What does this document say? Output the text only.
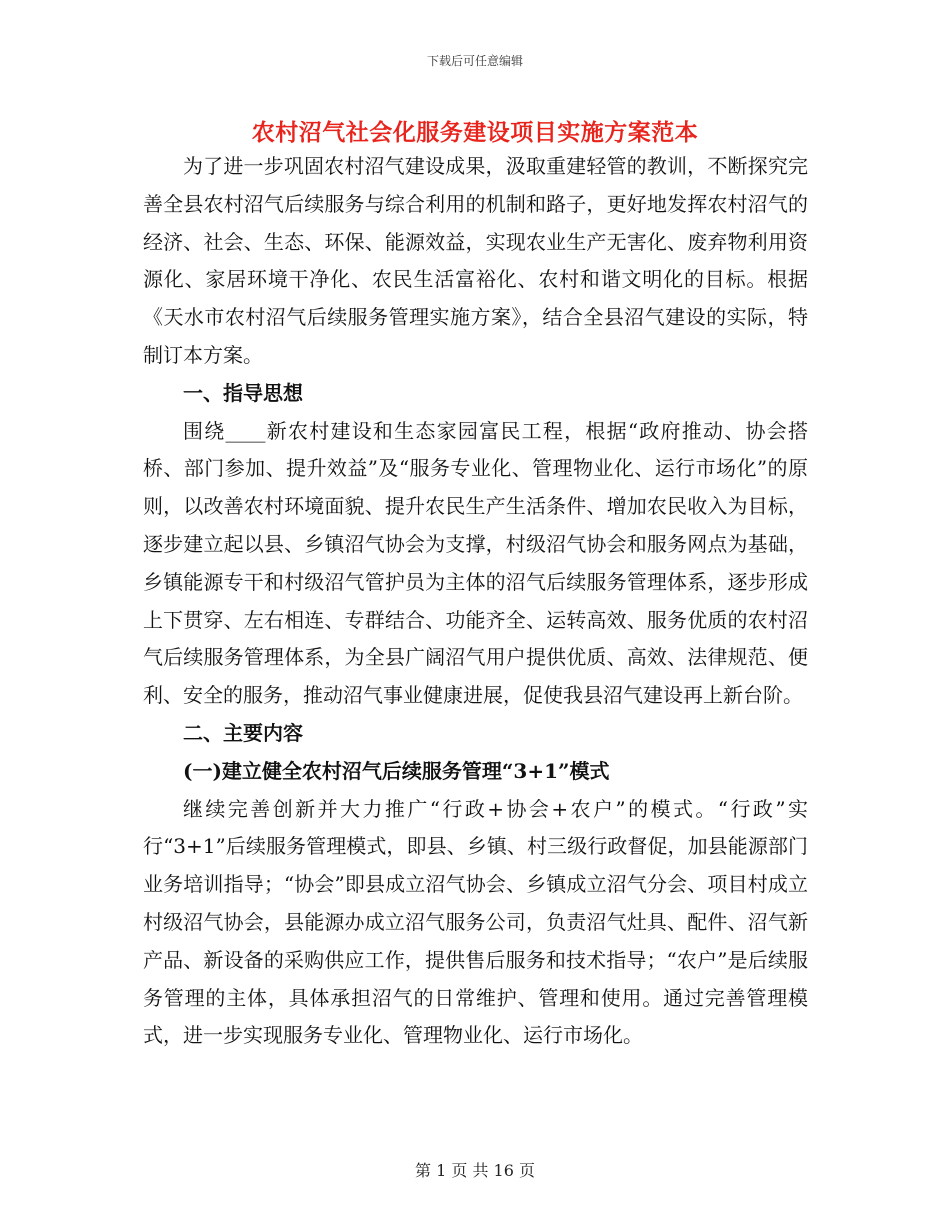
下载后可任意编辑
农村沼气社会化服务建设项目实施方案范本

为了进一步巩固农村沼气建设成果，汲取重建轻管的教训，不断探究完善全县农村沼气后续服务与综合利用的机制和路子，更好地发挥农村沼气的经济、社会、生态、环保、能源效益，实现农业生产无害化、废弃物利用资源化、家居环境干净化、农民生活富裕化、农村和谐文明化的目标。根据《天水市农村沼气后续服务管理实施方案》，结合全县沼气建设的实际，特制订本方案。

一、指导思想

围绕____新农村建设和生态家园富民工程，根据“政府推动、协会搭桥、部门参加、提升效益”及“服务专业化、管理物业化、运行市场化”的原则，以改善农村环境面貌、提升农民生产生活条件、增加农民收入为目标，逐步建立起以县、乡镇沼气协会为支撑，村级沼气协会和服务网点为基础，乡镇能源专干和村级沼气管护员为主体的沼气后续服务管理体系，逐步形成上下贯穿、左右相连、专群结合、功能齐全、运转高效、服务优质的农村沼气后续服务管理体系，为全县广阔沼气用户提供优质、高效、法律规范、便利、安全的服务，推动沼气事业健康进展，促使我县沼气建设再上新台阶。

二、主要内容

(一)建立健全农村沼气后续服务管理“3+1”模式

继续完善创新并大力推广“行政+协会+农户”的模式。“行政”实行“3+1”后续服务管理模式，即县、乡镇、村三级行政督促，加县能源部门业务培训指导；“协会”即县成立沼气协会、乡镇成立沼气分会、项目村成立村级沼气协会，县能源办成立沼气服务公司，负责沼气灶具、配件、沼气新产品、新设备的采购供应工作，提供售后服务和技术指导；“农户”是后续服务管理的主体，具体承担沼气的日常维护、管理和使用。通过完善管理模式，进一步实现服务专业化、管理物业化、运行市场化。

第 1 页 共 16 页
